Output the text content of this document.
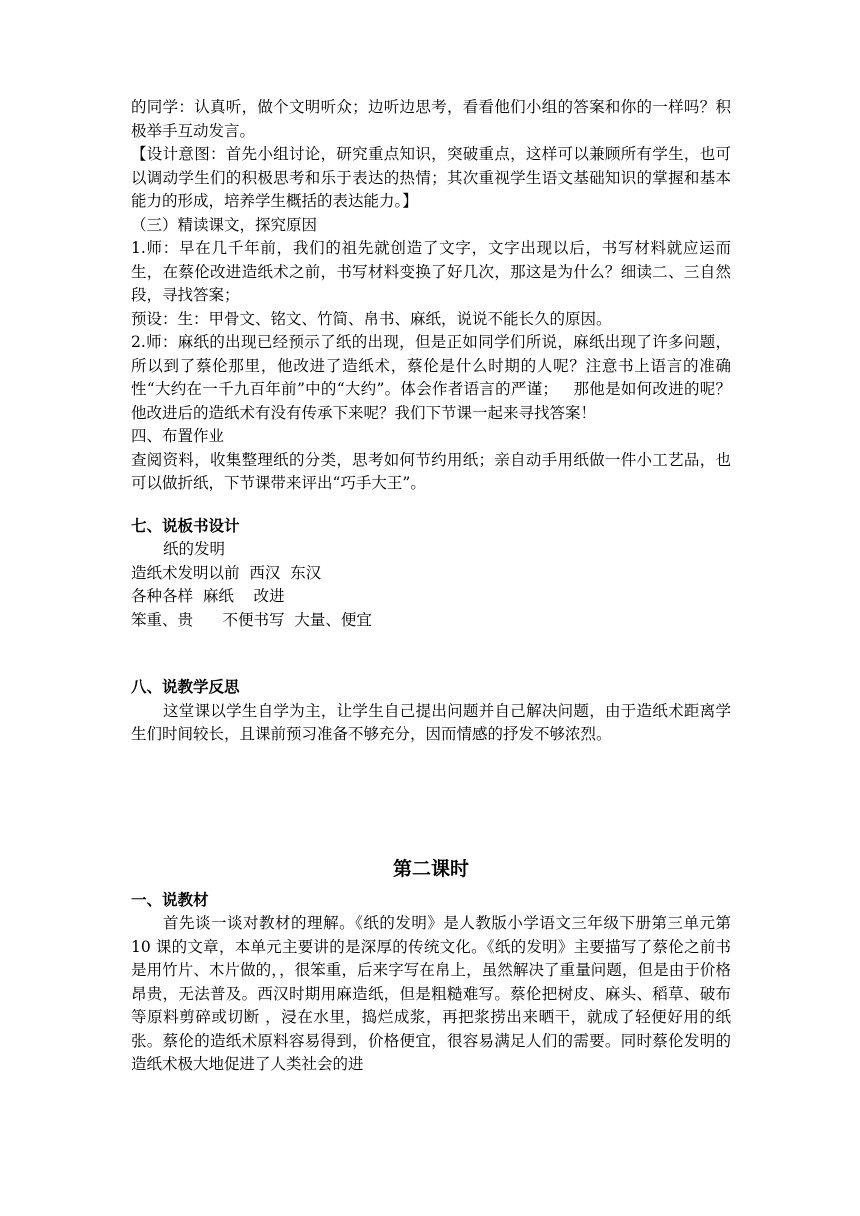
的同学：认真听，做个文明听众；边听边思考，看看他们小组的答案和你的一样吗？积极举手互动发言。

【设计意图：首先小组讨论，研究重点知识，突破重点，这样可以兼顾所有学生，也可以调动学生们的积极思考和乐于表达的热情；其次重视学生语文基础知识的掌握和基本能力的形成，培养学生概括的表达能力。】

（三）精读课文，探究原因

1.师：早在几千年前，我们的祖先就创造了文字，文字出现以后，书写材料就应运而生，在蔡伦改进造纸术之前，书写材料变换了好几次，那这是为什么？细读二、三自然段，寻找答案；

预设：生：甲骨文、铭文、竹简、帛书、麻纸，说说不能长久的原因。

2.师：麻纸的出现已经预示了纸的出现，但是正如同学们所说，麻纸出现了许多问题，所以到了蔡伦那里，他改进了造纸术，蔡伦是什么时期的人呢？注意书上语言的准确性“大约在一千九百年前”中的“大约”。体会作者语言的严谨；   那他是如何改进的呢？他改进后的造纸术有没有传承下来呢？我们下节课一起来寻找答案！

四、布置作业

查阅资料，收集整理纸的分类，思考如何节约用纸；亲自动手用纸做一件小工艺品，也可以做折纸，下节课带来评出“巧手大王”。

七、说板书设计

纸的发明

造纸术发明以前  西汉  东汉

各种各样  麻纸    改进

笨重、贵      不便书写  大量、便宜

八、说教学反思

这堂课以学生自学为主，让学生自己提出问题并自己解决问题，由于造纸术距离学生们时间较长，且课前预习准备不够充分，因而情感的抒发不够浓烈。

第二课时

一、说教材

首先谈一谈对教材的理解。《纸的发明》是人教版小学语文三年级下册第三单元第 10 课的文章，本单元主要讲的是深厚的传统文化。《纸的发明》主要描写了蔡伦之前书是用竹片、木片做的，，很笨重，后来字写在帛上，虽然解决了重量问题，但是由于价格昂贵，无法普及。西汉时期用麻造纸，但是粗糙难写。蔡伦把树皮、麻头、稻草、破布等原料剪碎或切断 ，浸在水里，捣烂成浆，再把浆捞出来晒干，就成了轻便好用的纸张。蔡伦的造纸术原料容易得到，价格便宜，很容易满足人们的需要。同时蔡伦发明的造纸术极大地促进了人类社会的进
